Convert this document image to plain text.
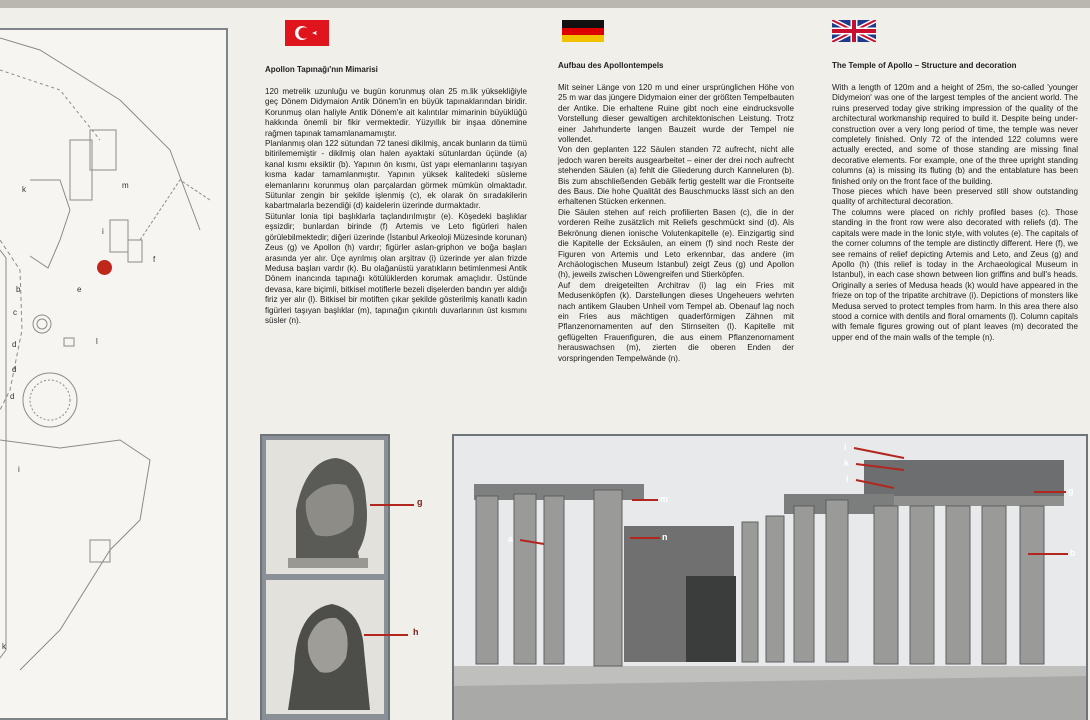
k	m
i
f
b	e
c
l
d
d
d
i
k
Apollon Tapınağı'nın Mimarisi
120 metrelik uzunluğu ve bugün korunmuş olan 25 m.lik yüksekliğiyle geç Dönem Didymaion Antik Dönem'in en büyük tapınaklarından biridir. Korunmuş olan haliyle Antik Dönem'e ait kalıntılar mimarinin büyüklüğü hakkında önemli bir fikir vermektedir. Yüzyıllık bir inşaa dönemine rağmen tapınak tamamlanamamıştır.
Planlanmış olan 122 sütundan 72 tanesi dikilmiş, ancak bunların da tümü bitirilememiştir - dikilmiş olan halen ayaktaki sütunlardan üçünde (a) kanal kısmı eksiktir (b). Yapının ön kısmı, üst yapı elemanlarını taşıyan kısma kadar tamamlanmıştır. Yapının yüksek kalitedeki süsleme elemanlarını korunmuş olan parçalardan görmek mümkün olmaktadır. Sütunlar zengin bir şekilde işlenmiş (c), ek olarak ön sıradakilerin kabartmalarla bezendiği (d) kaidelerin üzerinde durmaktadır.
Sütunlar Ionia tipi başlıklarla taçlandırılmıştır (e). Köşedeki başlıklar eşsizdir; bunlardan birinde (f) Artemis ve Leto figürleri halen görülebilmektedir; diğeri üzerinde (İstanbul Arkeoloji Müzesinde korunan) Zeus (g) ve Apollon (h) vardır; figürler aslan-griphon ve boğa başları arasında yer alır. Üçe ayrılmış olan arşitrav (i) üzerinde yer alan frizde Medusa başları vardır (k). Bu olağanüstü yaratıkların betimlenmesi Antik Dönem inancında tapınağı kötülüklerden korumak amaçlıdır. Üstünde devasa, kare biçimli, bitkisel motiflerle bezeli dişelerden bandın yer aldığı firiz yer alır (l). Bitkisel bir motiften çıkar şekilde gösterilmiş kanatlı kadın figürleri taşıyan başlıklar (m), tapınağın çıkıntılı duvarlarının üst kısmını süsler (n).
Aufbau des Apollontempels
Mit seiner Länge von 120 m und einer ursprünglichen Höhe von 25 m war das jüngere Didymaion einer der größten Tempelbauten der Antike. Die erhaltene Ruine gibt noch eine eindrucksvolle Vorstellung dieser gewaltigen architektonischen Leistung. Trotz einer Jahrhunderte langen Bauzeit wurde der Tempel nie vollendet.
Von den geplanten 122 Säulen standen 72 aufrecht, nicht alle jedoch waren bereits ausgearbeitet – einer der drei noch aufrecht stehenden Säulen (a) fehlt die Gliederung durch Kanneluren (b). Bis zum abschließenden Gebälk fertig gestellt war die Frontseite des Baus. Die hohe Qualität des Bauschmucks lässt sich an den erhaltenen Stücken erkennen.
Die Säulen stehen auf reich profilierten Basen (c), die in der vorderen Reihe zusätzlich mit Reliefs geschmückt sind (d). Als Bekrönung dienen ionische Volutenkapitelle (e). Einzigartig sind die Kapitelle der Ecksäulen, an einem (f) sind noch Reste der Figuren von Artemis und Leto erkennbar, das andere (im Archäologischen Museum Istanbul) zeigt Zeus (g) und Apollon (h), jeweils zwischen Löwengreifen und Stierköpfen.
Auf dem dreigeteilten Architrav (i) lag ein Fries mit Medusenköpfen (k). Darstellungen dieses Ungeheuers wehrten nach antikem Glauben Unheil vom Tempel ab. Obenauf lag noch ein Fries aus mächtigen quaderförmigen Zähnen mit Pflanzenornamenten auf den Stirnseiten (l). Kapitelle mit geflügelten Frauenfiguren, die aus einem Pflanzenornament herauswachsen (m), zierten die oberen Enden der vorspringenden Tempelwände (n).
The Temple of Apollo – Structure and decoration
With a length of 120m and a height of 25m, the so-called 'younger Didymeion' was one of the largest temples of the ancient world. The ruins preserved today give striking impression of the quality of the architectural workmanship required to build it. Despite being under-construction over a very long period of time, the temple was never completely finished. Only 72 of the intended 122 columns were actually erected, and some of those standing are missing final decorative elements. For example, one of the three upright standing columns (a) is missing its fluting (b) and the entablature has been finished only on the front face of the building.
Those pieces which have been preserved still show outstanding quality of architectural decoration.
The columns were placed on richly profiled bases (c). Those standing in the front row were also decorated with reliefs (d). The capitals were made in the Ionic style, with volutes (e). The capitals of the corner columns of the temple are distinctly different. Here (f), we see remains of relief depicting Artemis and Leto, and Zeus (g) and Apollo (h) (this relief is today in the Archaeological Museum in Istanbul), in each case shown between lion griffins and bull's heads. Originally a series of Medusa heads (k) would have appeared in the frieze on top of the tripatite architrave (i). Depictions of monsters like Medusa served to protect temples from harm. In this area there also stood a cornice with dentils and floral ornaments (l). Column capitals with female figures growing out of plant leaves (m) decorated the upper end of the main walls of the temple (n).
g
h
l
k
i
m
a	n
b
g
